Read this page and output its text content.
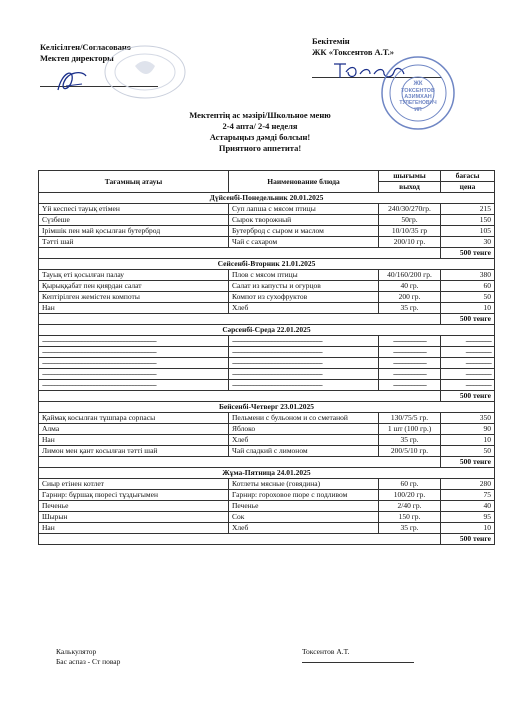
Келісілген/Согласовано
Мектеп директоры
Бекітемін
ЖК «Токсентов А.Т.»
ЖК
ТОКСЕНТОВ
АЗИМХАН
ТУЛЕГЕНОВИЧ
ИП
Мектептің ас мәзірі/Школьное меню
2-4 апта/ 2-4 неделя
Астарыңыз дәмді болсын!
Приятного аппетита!
Тағамның атауы	Наименование блюда	шығымы	бағасы
		выход	цена
Дүйсенбі-Понедельник 20.01.2025			
Үй кеспесі тауық етімен	Суп лапша с мясом птицы	240/30/270гр.	215
Сүзбеше	Сырок творожный	50гр.	150
Ірімшік пен май қосылған бутерброд	Бутерброд с сыром и маслом	10/10/35 гр	105
Тәтті шай	Чай с сахаром	200/10 гр.	30
			500 тенге
Сейсенбі-Вторник 21.01.2025			
Тауық еті қосылған палау	Плов с мясом птицы	40/160/200 гр.	380
Қырыққабат пен қиярдан салат	Салат из капусты и огурцов	40 гр.	60
Кептірілген жемістен компоты	Компот из сухофруктов	200 гр.	50
Нан	Хлеб	35 гр.	10
			500 тенге
Сәрсенбі-Среда 22.01.2025			
----------------------------------------------------------------------------	------------------------------------------------------------	----------------------	-----------------
----------------------------------------------------------------------------	------------------------------------------------------------	----------------------	-----------------
----------------------------------------------------------------------------	------------------------------------------------------------	----------------------	-----------------
----------------------------------------------------------------------------	------------------------------------------------------------	----------------------	-----------------
----------------------------------------------------------------------------	------------------------------------------------------------	----------------------	-----------------
			500 тенге
Бейсенбі-Четверг 23.01.2025			
Қаймақ косылған тұшпара сорпасы	Пельмени с бульоном и со сметаной	130/75/5 гр.	350
Алма	Яблоко	1 шт (100 гр.)	90
Нан	Хлеб	35 гр.	10
Лимон мен қант косылған тәтті шай	Чай сладкий с лимоном	200/5/10 гр.	50
			500 тенге
Жұма-Пятница 24.01.2025			
Сиыр етінен котлет	Котлеты мясные (говядина)	60 гр.	280
Гарнир: бұршақ пюресі тұздығымен	Гарнир: гороховое пюре с подливом	100/20 гр.	75
Печенье	Печенье	2/40 гр.	40
Шырын	Сок	150 гр.	95
Нан	Хлеб	35 гр.	10
			500 тенге
Калькулятор
Бас аспаз - Ст повар
Токсентов А.Т.
